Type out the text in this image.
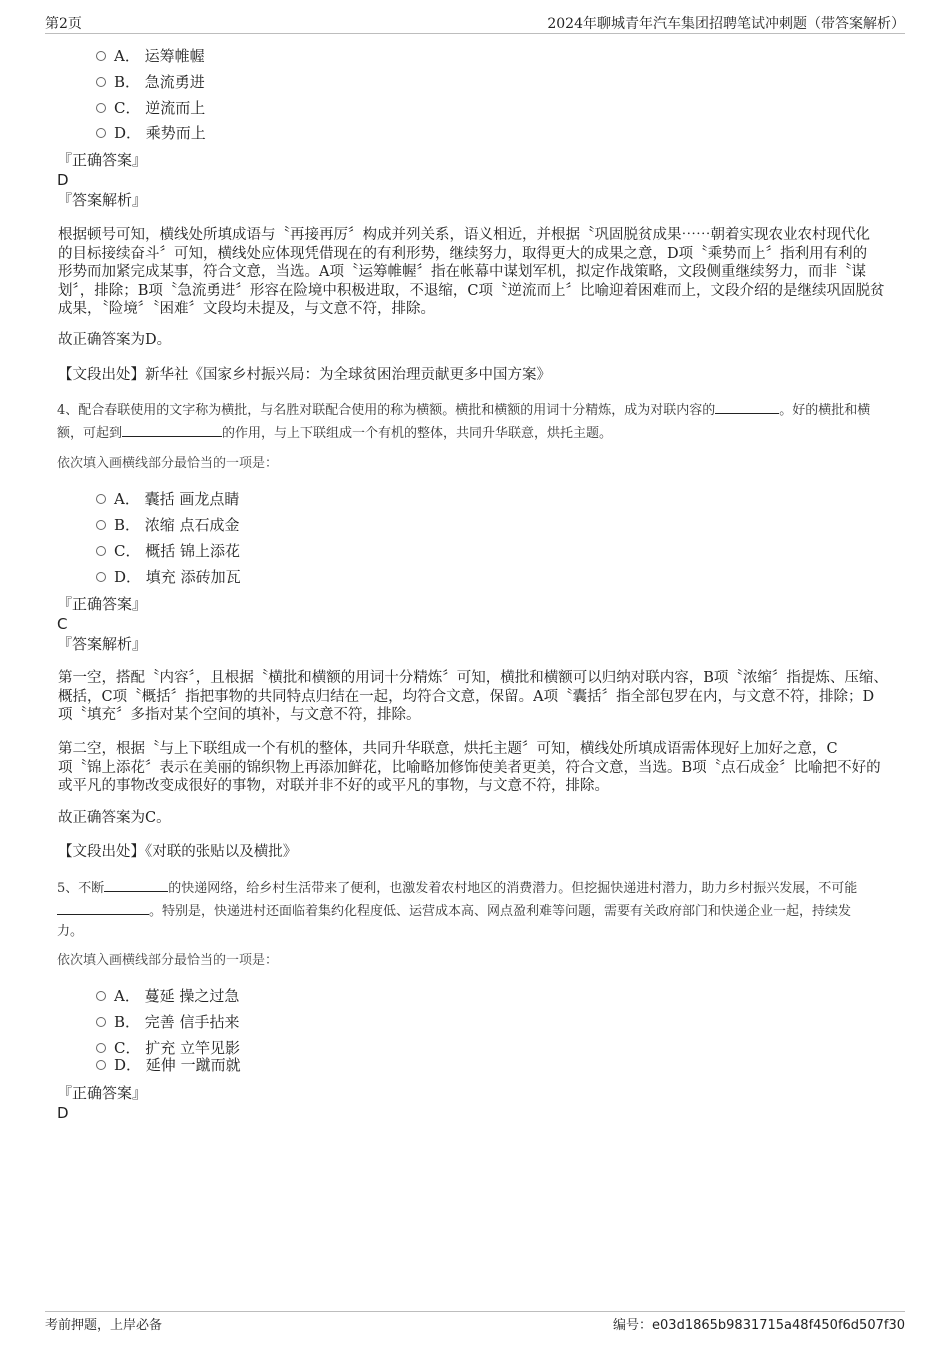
第2页	2024年聊城青年汽车集团招聘笔试冲刺题（带答案解析）
A． 运筹帷幄
B． 急流勇进
C． 逆流而上
D． 乘势而上
『正确答案』
D
『答案解析』
根据顿号可知，横线处所填成语与〝再接再厉〞构成并列关系，语义相近，并根据〝巩固脱贫成果⋯⋯朝着实现农业农村现代化
的目标接续奋斗〞可知，横线处应体现凭借现在的有利形势，继续努力，取得更大的成果之意，D项〝乘势而上〞指利用有利的
形势而加紧完成某事，符合文意，当选。A项〝运筹帷幄〞指在帐幕中谋划军机，拟定作战策略，文段侧重继续努力，而非〝谋
划〞，排除；B项〝急流勇进〞形容在险境中积极进取，不退缩，C项〝逆流而上〞比喻迎着困难而上，文段介绍的是继续巩固脱贫
成果，〝险境〞〝困难〞文段均未提及，与文意不符，排除。
故正确答案为D。
【文段出处】新华社《国家乡村振兴局：为全球贫困治理贡献更多中国方案》
4、配合春联使用的文字称为横批，与名胜对联配合使用的称为横额。横批和横额的用词十分精炼，成为对联内容的	。好的横批和横
额，可起到	的作用，与上下联组成一个有机的整体，共同升华联意，烘托主题。
依次填入画横线部分最恰当的一项是：
A． 囊括 画龙点睛
B． 浓缩 点石成金
C． 概括 锦上添花
D． 填充 添砖加瓦
『正确答案』
C
『答案解析』
第一空，搭配〝内容〞，且根据〝横批和横额的用词十分精炼〞可知，横批和横额可以归纳对联内容，B项〝浓缩〞指提炼、压缩、
概括，C项〝概括〞指把事物的共同特点归结在一起，均符合文意，保留。A项〝囊括〞指全部包罗在内，与文意不符，排除；D
项〝填充〞多指对某个空间的填补，与文意不符，排除。
第二空，根据〝与上下联组成一个有机的整体，共同升华联意，烘托主题〞可知，横线处所填成语需体现好上加好之意，C
项〝锦上添花〞表示在美丽的锦织物上再添加鲜花，比喻略加修饰使美者更美，符合文意，当选。B项〝点石成金〞比喻把不好的
或平凡的事物改变成很好的事物，对联并非不好的或平凡的事物，与文意不符，排除。
故正确答案为C。
【文段出处】《对联的张贴以及横批》
5、不断	的快递网络，给乡村生活带来了便利，也激发着农村地区的消费潜力。但挖掘快递进村潜力，助力乡村振兴发展，不可能
。特别是，快递进村还面临着集约化程度低、运营成本高、网点盈利难等问题，需要有关政府部门和快递企业一起，持续发
力。
依次填入画横线部分最恰当的一项是：
A． 蔓延 操之过急
B． 完善 信手拈来
C． 扩充 立竿见影
D． 延伸 一蹴而就
『正确答案』
D
考前押题，上岸必备	编号：e03d1865b9831715a48f450f6d507f30
